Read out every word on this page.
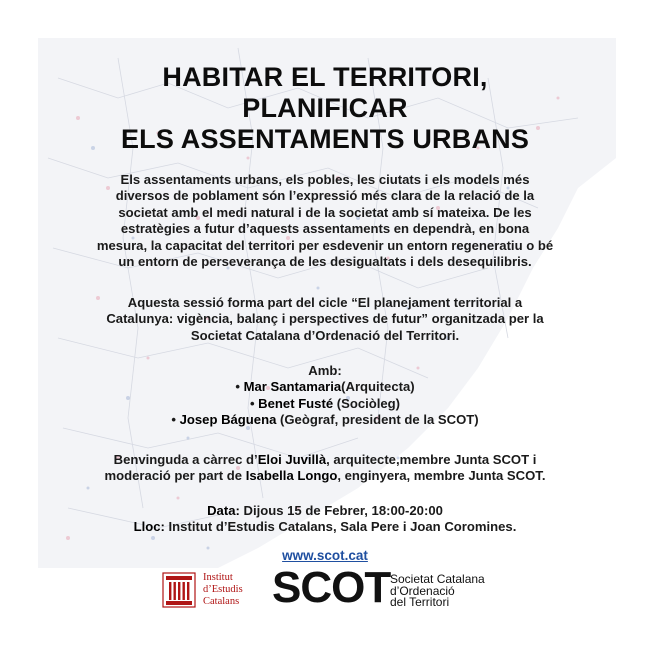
HABITAR EL TERRITORI,
PLANIFICAR
ELS ASSENTAMENTS URBANS
Els assentaments urbans, els pobles, les ciutats i els models més
diversos de poblament són l’expressió més clara de la relació de la
societat amb el medi natural i de la societat amb sí mateixa. De les
estratègies a futur d’aquests assentaments en dependrà, en bona
mesura, la capacitat del territori per esdevenir un entorn regeneratiu o bé
un entorn de perseverança de les desigualtats i dels desequilibris.
Aquesta sessió forma part del cicle “El planejament territorial a
Catalunya: vigència, balanç i perspectives de futur” organitzada per la
Societat Catalana d’Ordenació del Territori.
Amb:
• Mar Santamaria(Arquitecta)
• Benet Fusté (Sociòleg)
• Josep Báguena (Geògraf, president de la SCOT)
Benvinguda a càrrec d’Eloi Juvillà, arquitecte,membre Junta SCOT i
moderació per part de Isabella Longo, enginyera, membre Junta SCOT.
Data: Dijous 15 de Febrer, 18:00-20:00
Lloc: Institut d’Estudis Catalans, Sala Pere i Joan Coromines.
www.scot.cat
Institut
d’Estudis
Catalans SCOT Societat Catalana
d’Ordenació
del Territori
